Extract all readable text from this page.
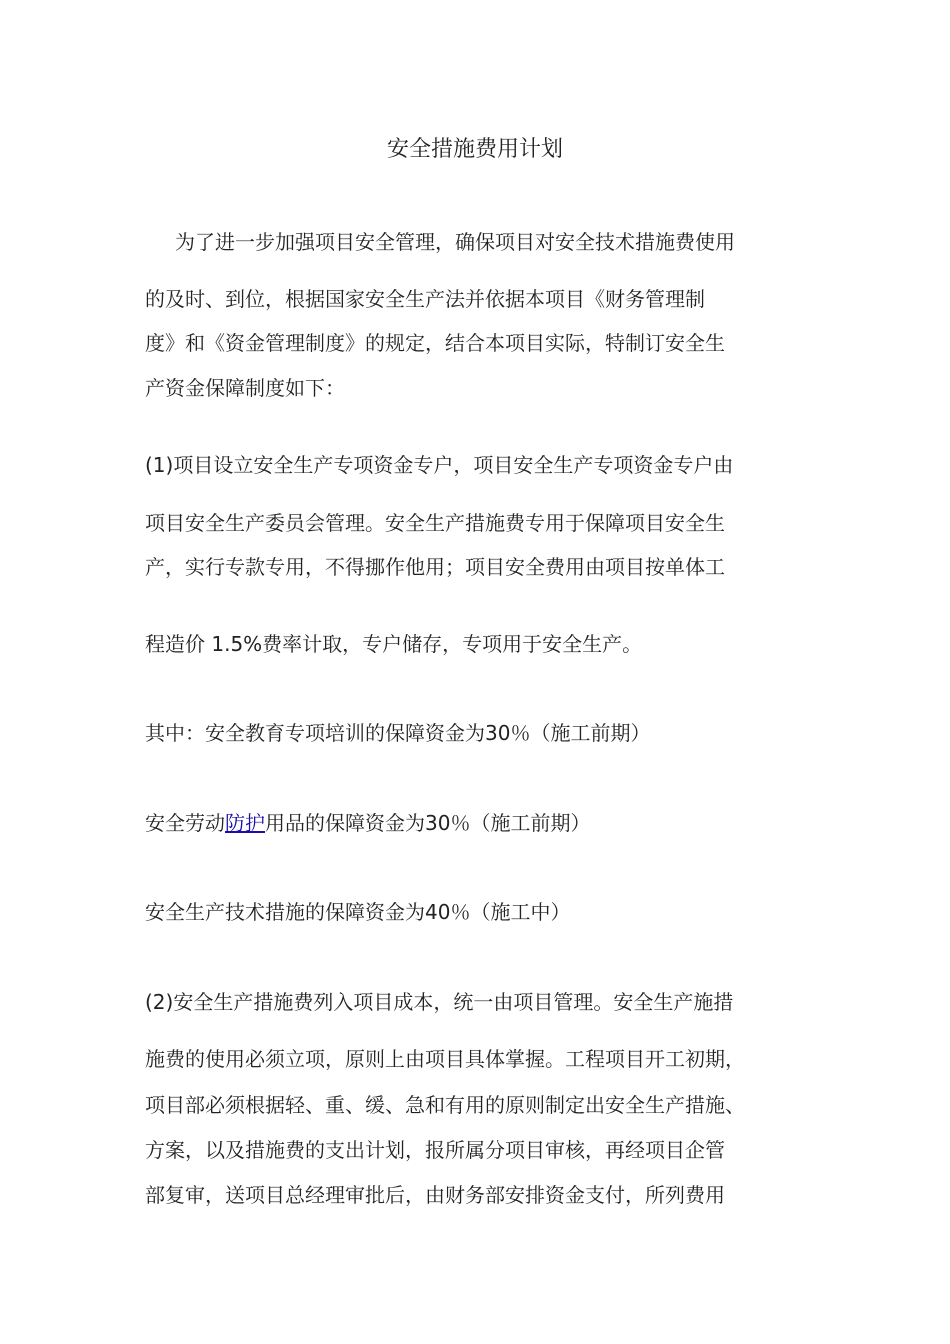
安全措施费用计划
为了进一步加强项目安全管理，确保项目对安全技术措施费使用
的及时、到位，根据国家安全生产法并依据本项目《财务管理制
度》和《资金管理制度》的规定，结合本项目实际，特制订安全生
产资金保障制度如下：
(1)项目设立安全生产专项资金专户，项目安全生产专项资金专户由
项目安全生产委员会管理。安全生产措施费专用于保障项目安全生
产，实行专款专用，不得挪作他用；项目安全费用由项目按单体工
程造价 1.5%费率计取，专户储存，专项用于安全生产。
其中：安全教育专项培训的保障资金为30％（施工前期）
安全劳动防护用品的保障资金为30％（施工前期）
安全生产技术措施的保障资金为40％（施工中）
(2)安全生产措施费列入项目成本，统一由项目管理。安全生产施措
施费的使用必须立项，原则上由项目具体掌握。工程项目开工初期，
项目部必须根据轻、重、缓、急和有用的原则制定出安全生产措施、
方案，以及措施费的支出计划，报所属分项目审核，再经项目企管
部复审，送项目总经理审批后，由财务部安排资金支付，所列费用
